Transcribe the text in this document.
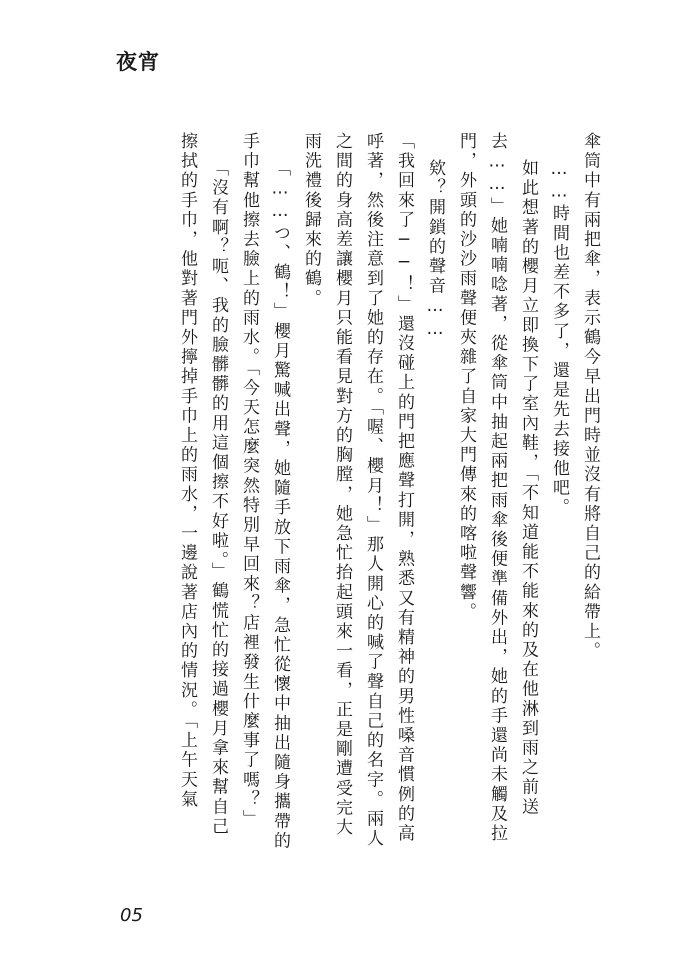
夜宵

傘筒中有兩把傘，表示鶴今早出門時並沒有將自己的給帶上。

……時間也差不多了，還是先去接他吧。

如此想著的櫻月立即換下了室內鞋，「不知道能不能來的及在他淋到雨之前送去……」她喃喃唸著，從傘筒中抽起兩把雨傘後便準備外出，她的手還尚未觸及拉門，外頭的沙沙雨聲便夾雜了自家大門傳來的喀啦聲響。

欸？開鎖的聲音……

「我回來了──！」還沒碰上的門把應聲打開，熟悉又有精神的男性嗓音慣例的高呼著，然後注意到了她的存在。「喔、櫻月！」那人開心的喊了聲自己的名字。兩人之間的身高差讓櫻月只能看見對方的胸膛，她急忙抬起頭來一看，正是剛遭受完大雨洗禮後歸來的鶴。

「……つ、鶴！」櫻月驚喊出聲，她隨手放下雨傘，急忙從懷中抽出隨身攜帶的手巾幫他擦去臉上的雨水。「今天怎麼突然特別早回來？店裡發生什麼事了嗎？」

「沒有啊？呃、我的臉髒髒的用這個擦不好啦。」鶴慌忙的接過櫻月拿來幫自己擦拭的手巾，他對著門外擰掉手巾上的雨水，一邊說著店內的情況。「上午天氣

05
